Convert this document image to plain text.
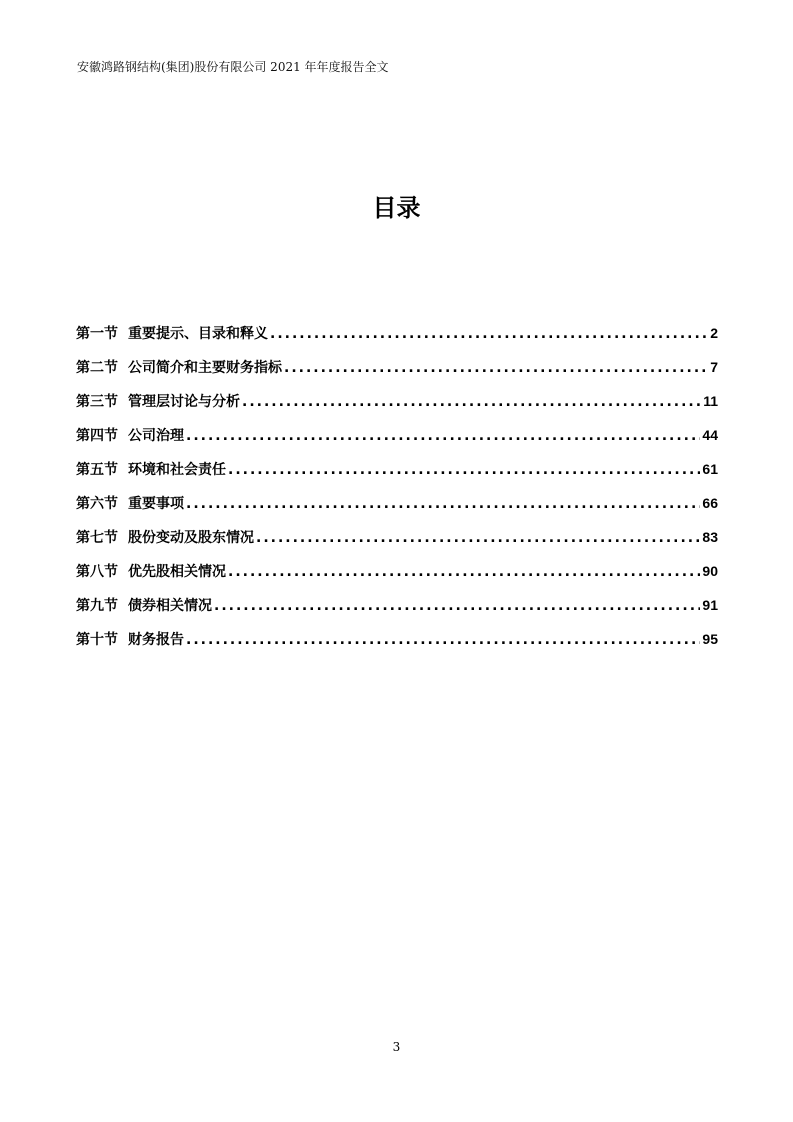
安徽鸿路钢结构(集团)股份有限公司 2021 年年度报告全文
目录
第一节 重要提示、目录和释义 .....	2
第二节 公司简介和主要财务指标 .....	7
第三节 管理层讨论与分析 .....	11
第四节 公司治理 .....	44
第五节 环境和社会责任 .....	61
第六节 重要事项 .....	66
第七节 股份变动及股东情况 .....	83
第八节 优先股相关情况 .....	90
第九节 债券相关情况 .....	91
第十节 财务报告 .....	95
3
